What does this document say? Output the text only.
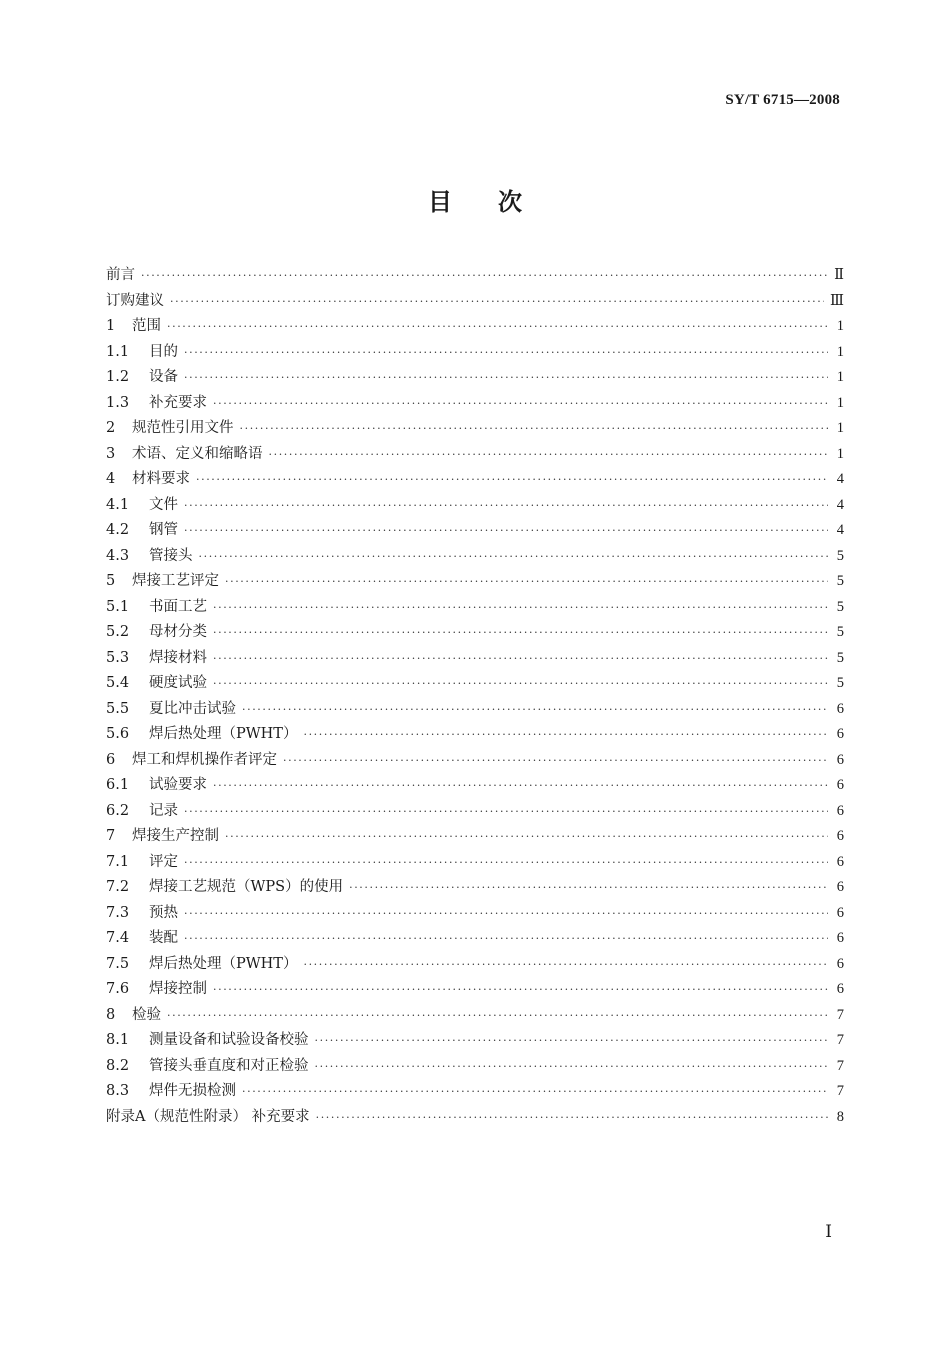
SY/T 6715—2008
目次
前言 ·····	Ⅱ
订购建议 ·····	Ⅲ
1	范围 ·····	1
1.1	目的 ·····	1
1.2	设备 ·····	1
1.3	补充要求 ·····	1
2	规范性引用文件 ·····	1
3	术语、定义和缩略语 ·····	1
4	材料要求 ·····	4
4.1	文件 ·····	4
4.2	钢管 ·····	4
4.3	管接头 ·····	5
5	焊接工艺评定 ·····	5
5.1	书面工艺 ·····	5
5.2	母材分类 ·····	5
5.3	焊接材料 ·····	5
5.4	硬度试验 ·····	5
5.5	夏比冲击试验 ·····	6
5.6	焊后热处理（PWHT） ·····	6
6	焊工和焊机操作者评定 ·····	6
6.1	试验要求 ·····	6
6.2	记录 ·····	6
7	焊接生产控制 ·····	6
7.1	评定 ·····	6
7.2	焊接工艺规范（WPS）的使用 ·····	6
7.3	预热 ·····	6
7.4	装配 ·····	6
7.5	焊后热处理（PWHT） ·····	6
7.6	焊接控制 ·····	6
8	检验 ·····	7
8.1	测量设备和试验设备校验 ·····	7
8.2	管接头垂直度和对正检验 ·····	7
8.3	焊件无损检测 ·····	7
附录A（规范性附录） 补充要求 ·····	8
Ⅰ
